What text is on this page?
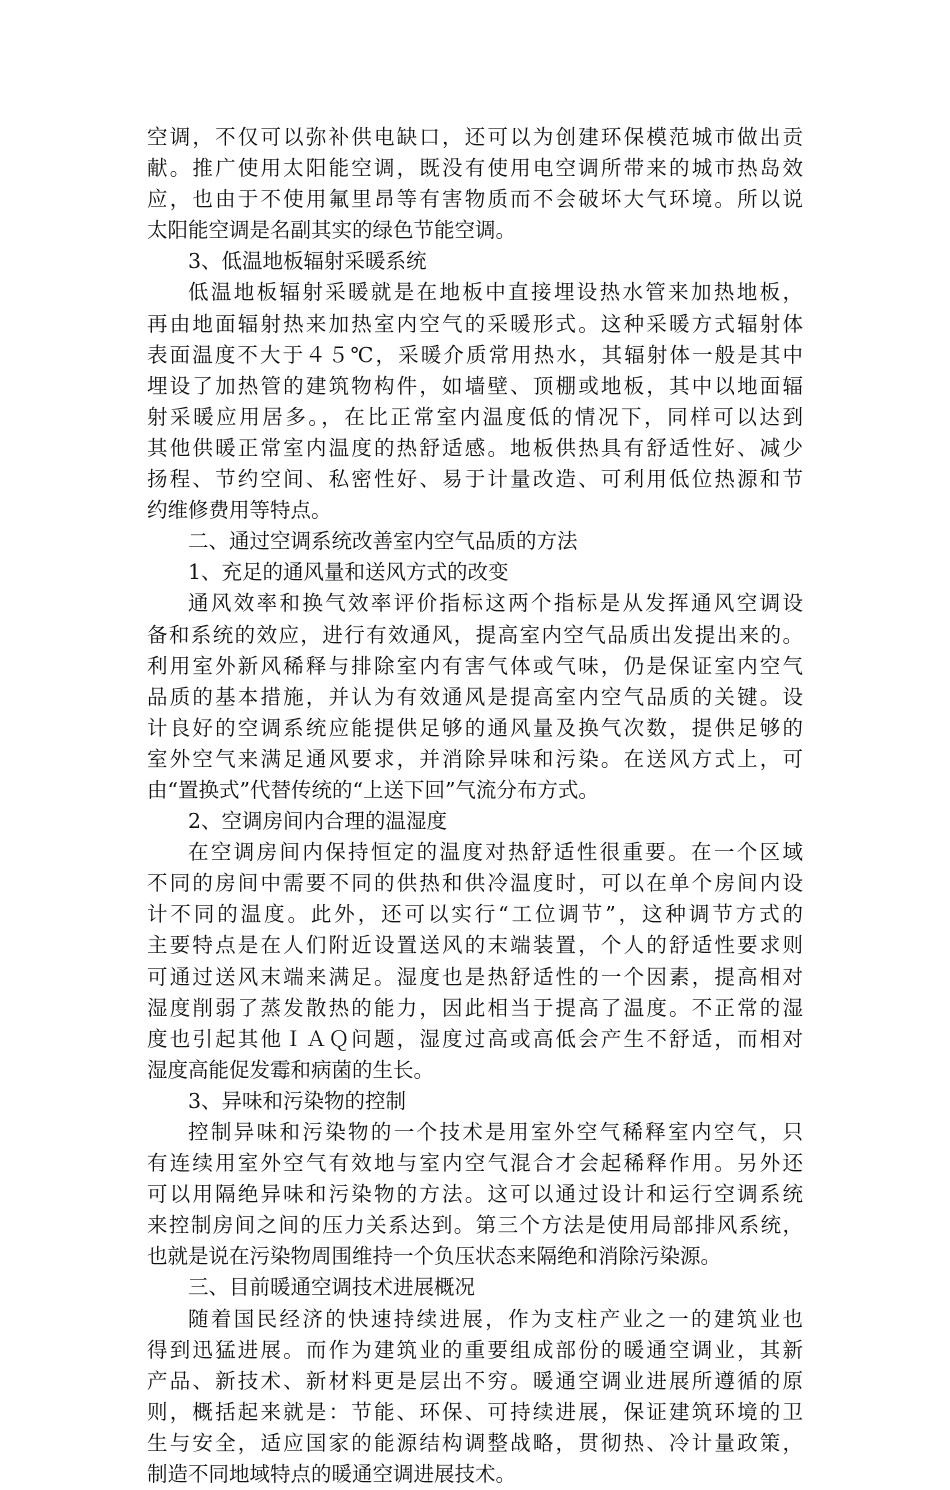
空调，不仅可以弥补供电缺口，还可以为创建环保模范城市做出贡
献。推广使用太阳能空调，既没有使用电空调所带来的城市热岛效
应，也由于不使用氟里昂等有害物质而不会破坏大气环境。所以说
太阳能空调是名副其实的绿色节能空调。
3、低温地板辐射采暖系统
低温地板辐射采暖就是在地板中直接埋设热水管来加热地板，
再由地面辐射热来加热室内空气的采暖形式。这种采暖方式辐射体
表面温度不大于４５℃，采暖介质常用热水，其辐射体一般是其中
埋设了加热管的建筑物构件，如墙壁、顶棚或地板，其中以地面辐
射采暖应用居多。，在比正常室内温度低的情况下，同样可以达到
其他供暖正常室内温度的热舒适感。地板供热具有舒适性好、减少
扬程、节约空间、私密性好、易于计量改造、可利用低位热源和节
约维修费用等特点。
二、通过空调系统改善室内空气品质的方法
1、充足的通风量和送风方式的改变
通风效率和换气效率评价指标这两个指标是从发挥通风空调设
备和系统的效应，进行有效通风，提高室内空气品质出发提出来的。
利用室外新风稀释与排除室内有害气体或气味，仍是保证室内空气
品质的基本措施，并认为有效通风是提高室内空气品质的关键。设
计良好的空调系统应能提供足够的通风量及换气次数，提供足够的
室外空气来满足通风要求，并消除异味和污染。在送风方式上，可
由“置换式”代替传统的“上送下回”气流分布方式。
2、空调房间内合理的温湿度
在空调房间内保持恒定的温度对热舒适性很重要。在一个区域
不同的房间中需要不同的供热和供冷温度时，可以在单个房间内设
计不同的温度。此外，还可以实行“工位调节”，这种调节方式的
主要特点是在人们附近设置送风的末端装置，个人的舒适性要求则
可通过送风末端来满足。湿度也是热舒适性的一个因素，提高相对
湿度削弱了蒸发散热的能力，因此相当于提高了温度。不正常的湿
度也引起其他ＩＡＱ问题，湿度过高或高低会产生不舒适，而相对
湿度高能促发霉和病菌的生长。
3、异味和污染物的控制
控制异味和污染物的一个技术是用室外空气稀释室内空气，只
有连续用室外空气有效地与室内空气混合才会起稀释作用。另外还
可以用隔绝异味和污染物的方法。这可以通过设计和运行空调系统
来控制房间之间的压力关系达到。第三个方法是使用局部排风系统，
也就是说在污染物周围维持一个负压状态来隔绝和消除污染源。
三、目前暖通空调技术进展概况
随着国民经济的快速持续进展，作为支柱产业之一的建筑业也
得到迅猛进展。而作为建筑业的重要组成部份的暖通空调业，其新
产品、新技术、新材料更是层出不穷。暖通空调业进展所遵循的原
则，概括起来就是：节能、环保、可持续进展，保证建筑环境的卫
生与安全，适应国家的能源结构调整战略，贯彻热、冷计量政策，
制造不同地域特点的暖通空调进展技术。
